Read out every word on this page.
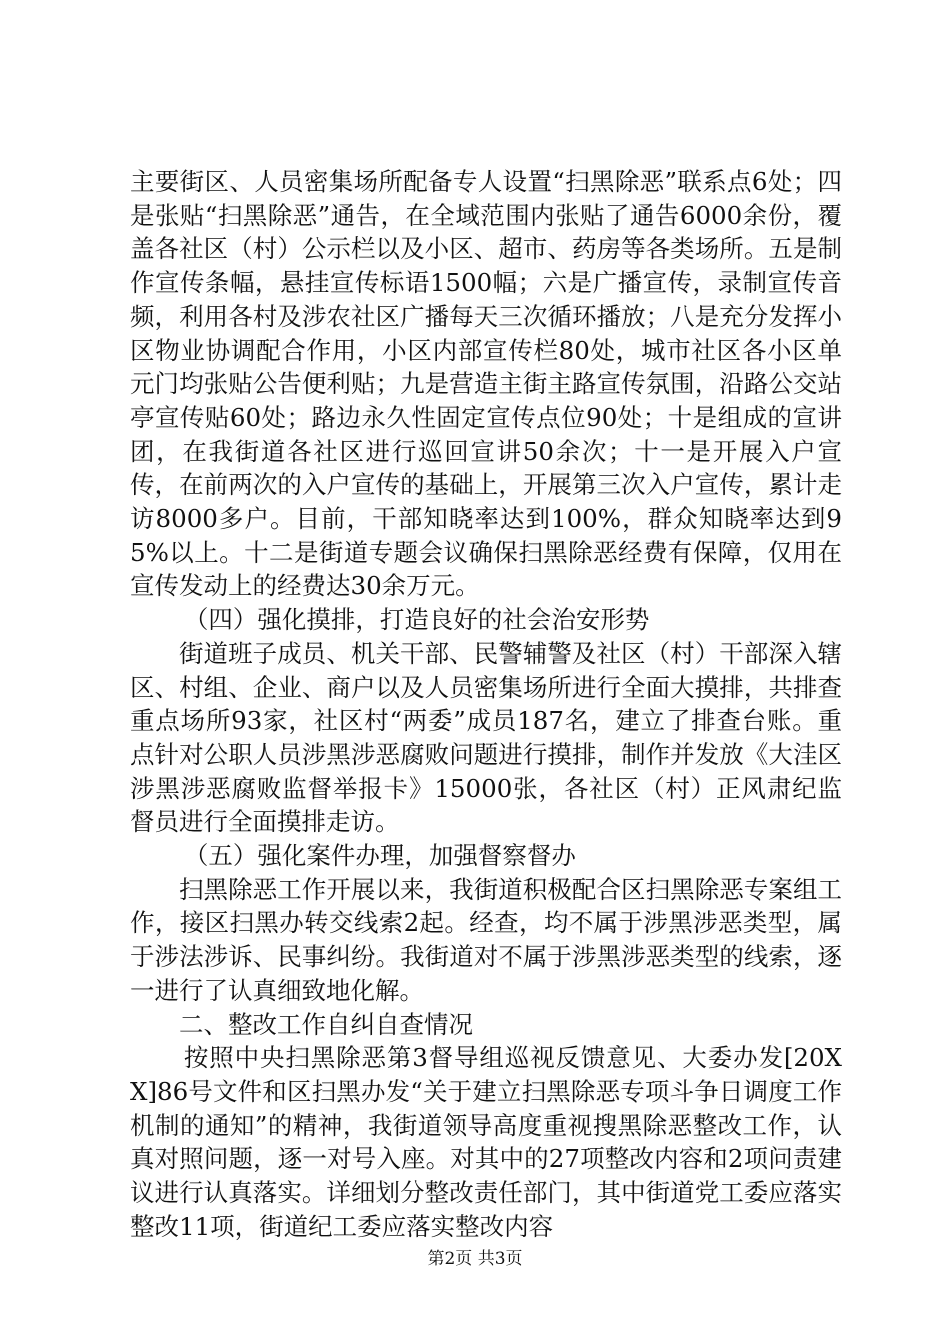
主要街区、人员密集场所配备专人设置“扫黑除恶”联系点6处；四是张贴“扫黑除恶”通告，在全域范围内张贴了通告6000余份，覆盖各社区（村）公示栏以及小区、超市、药房等各类场所。五是制作宣传条幅，悬挂宣传标语1500幅；六是广播宣传，录制宣传音频，利用各村及涉农社区广播每天三次循环播放；八是充分发挥小区物业协调配合作用，小区内部宣传栏80处，城市社区各小区单元门均张贴公告便利贴；九是营造主街主路宣传氛围，沿路公交站亭宣传贴60处；路边永久性固定宣传点位90处；十是组成的宣讲团，在我街道各社区进行巡回宣讲50余次；十一是开展入户宣传，在前两次的入户宣传的基础上，开展第三次入户宣传，累计走访8000多户。目前，干部知晓率达到100%，群众知晓率达到95%以上。十二是街道专题会议确保扫黑除恶经费有保障，仅用在宣传发动上的经费达30余万元。

（四）强化摸排，打造良好的社会治安形势

街道班子成员、机关干部、民警辅警及社区（村）干部深入辖区、村组、企业、商户以及人员密集场所进行全面大摸排，共排查重点场所93家，社区村“两委”成员187名，建立了排查台账。重点针对公职人员涉黑涉恶腐败问题进行摸排，制作并发放《大洼区涉黑涉恶腐败监督举报卡》15000张，各社区（村）正风肃纪监督员进行全面摸排走访。

（五）强化案件办理，加强督察督办

扫黑除恶工作开展以来，我街道积极配合区扫黑除恶专案组工作，接区扫黑办转交线索2起。经查，均不属于涉黑涉恶类型，属于涉法涉诉、民事纠纷。我街道对不属于涉黑涉恶类型的线索，逐一进行了认真细致地化解。

二、整改工作自纠自查情况

按照中央扫黑除恶第3督导组巡视反馈意见、大委办发[20XX]86号文件和区扫黑办发“关于建立扫黑除恶专项斗争日调度工作机制的通知”的精神，我街道领导高度重视搜黑除恶整改工作，认真对照问题，逐一对号入座。对其中的27项整改内容和2项问责建议进行认真落实。详细划分整改责任部门，其中街道党工委应落实整改11项，街道纪工委应落实整改内容

第2页 共3页
